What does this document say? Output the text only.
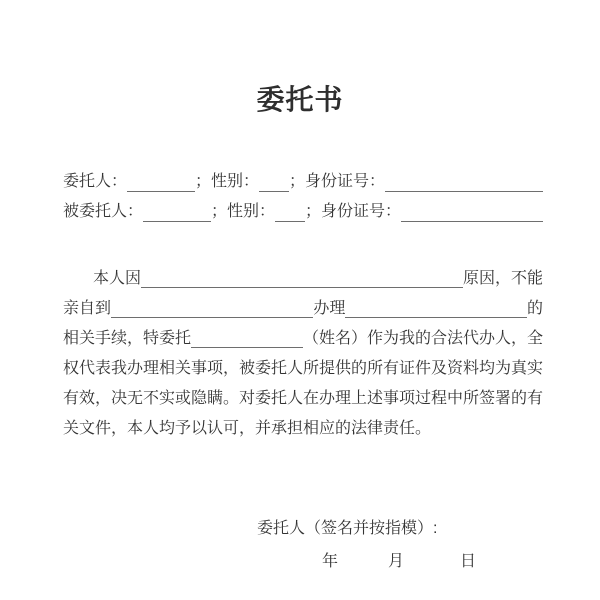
委托书
委托人：	；性别： ；身份证号：
被委托人：	；性别： ；身份证号：
本人因	原因，不能
亲自到	办理	的
相关手续，特委托	（姓名）作为我的合法代办人，全
权代表我办理相关事项，被委托人所提供的所有证件及资料均为真实
有效，决无不实或隐瞒。对委托人在办理上述事项过程中所签署的有
关文件，本人均予以认可，并承担相应的法律责任。
委托人（签名并按指模）:
年	月	日
